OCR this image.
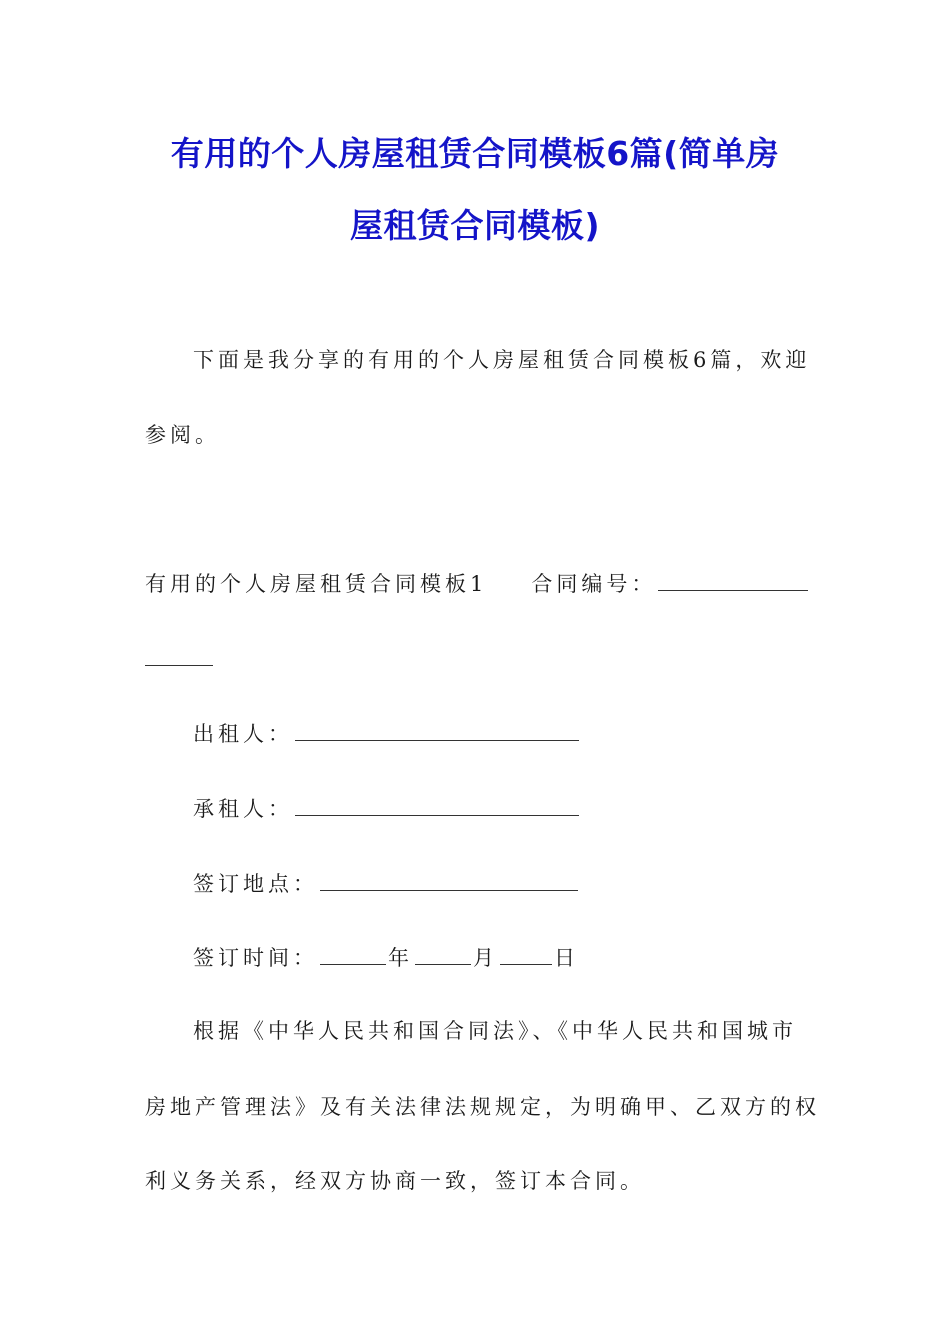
有用的个人房屋租赁合同模板6篇(简单房
屋租赁合同模板)
下面是我分享的有用的个人房屋租赁合同模板6篇，欢迎
参阅。
有用的个人房屋租赁合同模板1 合同编号：
出租人：
承租人：
签订地点：
签订时间：	年	月	日
根据《中华人民共和国合同法》、《中华人民共和国城市
房地产管理法》及有关法律法规规定，为明确甲、乙双方的权
利义务关系，经双方协商一致，签订本合同。
